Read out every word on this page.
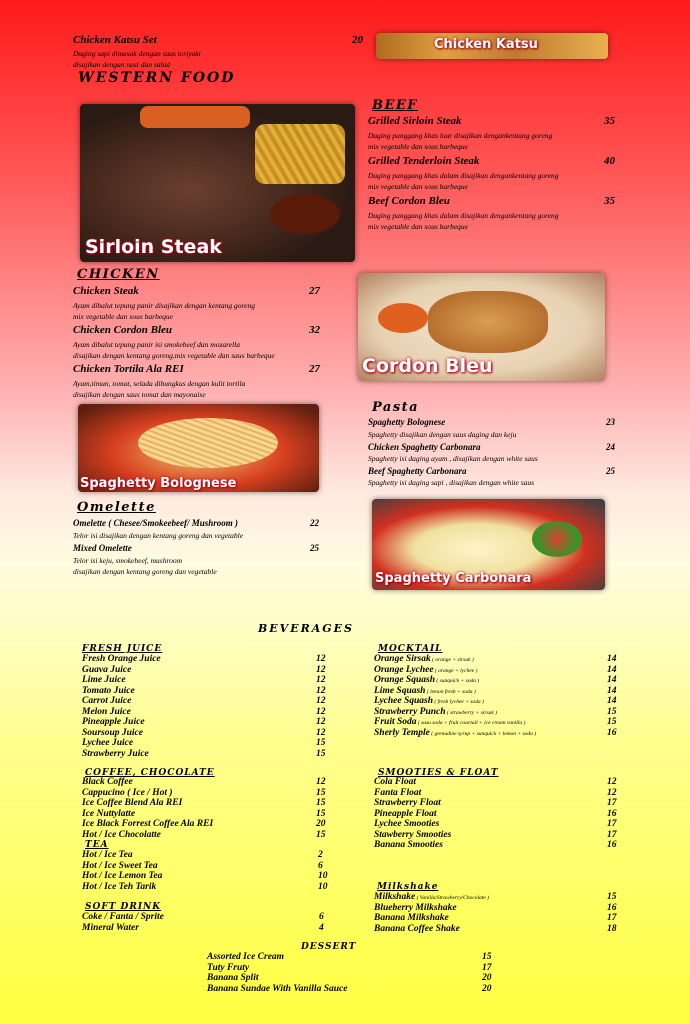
Chicken Katsu Set	20
Daging sapi dimasak dengan saus teriyaki
disajikan dengan nasi dan salad
Chicken Katsu
WESTERN FOOD
Sirloin Steak
BEEF
Grilled Sirloin Steak	35
Daging panggang khas luar disajikan dengankentang goreng
mix vegetable dan sous barbeque
Grilled Tenderloin Steak	40
Daging panggang khas dalam disajikan dengankentang goreng
mix vegetable dan sous barbeque
Beef Cordon Bleu	35
Daging panggang khas dalam disajikan dengankentang goreng
mix vegetable dan sous barbeque
CHICKEN
Chicken Steak	27
Ayam dibalut tepung panir disajikan dengan kentang goreng
mix vegetable dan sous barbeque
Chicken Cordon Bleu	32
Ayam dibalut tepung panir isi smokebeef dan mozarella
disajikan dengan kentang goreng,mix vegetable dan saus barbeque
Chicken Tortila Ala REI	27
Ayam,timun, tomat, selada dibungkus dengan kulit tortila
disajikan dengan saus tomat dan mayonaise
Cordon Bleu
Spaghetty Bolognese
Pasta
Spaghetty Bolognese	23
Spaghetty disajikan dengan saus daging dan keju
Chicken Spaghetty Carbonara	24
Spaghetty isi daging ayam , disajikan dengan white saus
Beef Spaghetty Carbonara	25
Spaghetty isi daging sapi , disajikan dengan white saus
Omelette
Omelette ( Chesee/Smokeebeef/ Mushroom )	22
Telor isi disajikan dengan kentang goreng dan vegetable
Mixed Omelette	25
Telor isi keju, smokebeef, mushroom
disajikan dengan kentang goreng dan vegetable	Spaghetty Carbonara
BEVERAGES
FRESH JUICE
Fresh Orange Juice	12
Guava Juice	12
Lime Juice	12
Tomato Juice	12
Carrot Juice	12
Melon Juice	12
Pineapple Juice	12
Soursoup Juice	12
Lychee Juice	15
Strawberry Juice	15
MOCKTAIL
Orange Sirsak ( orange + sirsak )	14
Orange Lychee ( orange + lychee )	14
Orange Squash ( sunquick + soda )	14
Lime Squash ( lemon fresh + soda )	14
Lychee Squash ( fresh lychee + soda )	14
Strawberry Punch ( strawberry + sirsak )	15
Fruit Soda ( susu soda + fruit coactail + ice cream vanilla )	15
Sherly Temple ( grenadine syrup + sunquick + lemon + soda )	16
COFFEE, CHOCOLATE
Black Coffee	12
Cappucino ( Ice / Hot )	15
Ice Coffee Blend Ala REI	15
Ice Nuttylatte	15
Ice Black Forrest Coffee Ala REI	20
Hot / Ice Chocolatte	15
TEA
Hot / Ice Tea	2
Hot / Ice Sweet Tea	6
Hot / Ice Lemon Tea	10
Hot / Ice Teh Tarik	10
SOFT DRINK
Coke / Fanta / Sprite	6
Mineral Water	4
SMOOTIES & FLOAT
Cola Float	12
Fanta Float	12
Strawberry Float	17
Pineapple Float	16
Lychee Smooties	17
Stawberry Smooties	17
Banana Smooties	16
Milkshake
Milkshake ( Vanilla/Strawberry/Chocolate )	15
Blueberry Milkshake	16
Banana Milkshake	17
Banana Coffee Shake	18
DESSERT
Assorted Ice Cream	15
Tuty Fruty	17
Banana Split	20
Banana Sundae With Vanilla Sauce	20
